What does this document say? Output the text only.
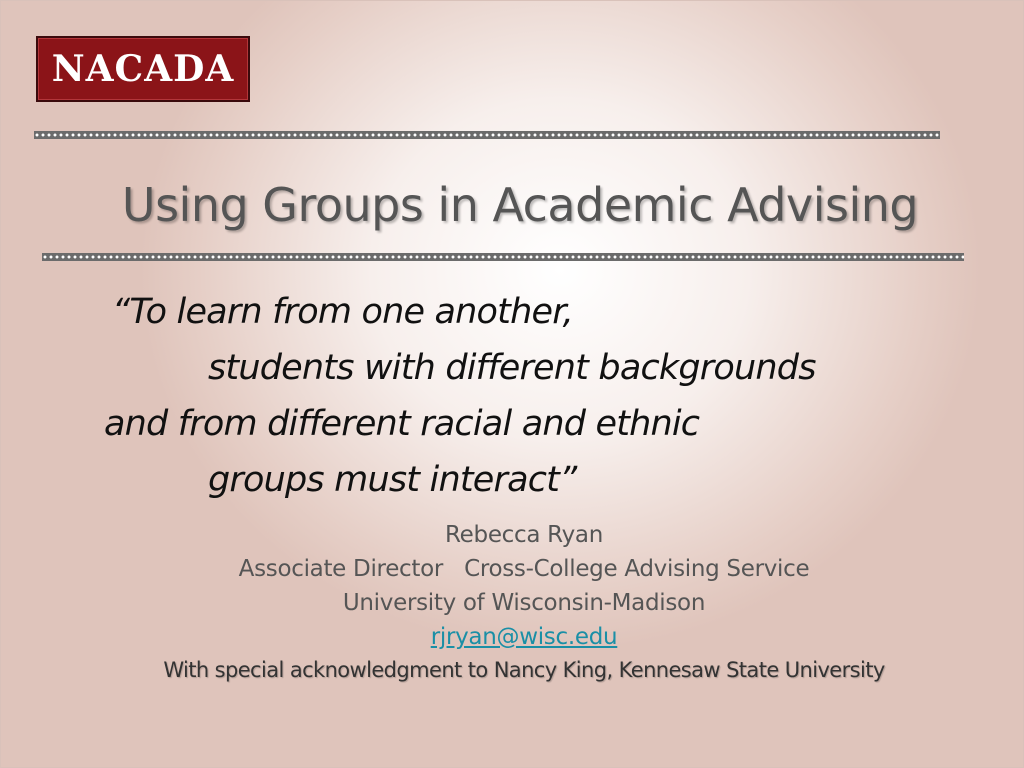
NACADA
Using Groups in Academic Advising

“To learn from one another,

students with different backgrounds

and from different racial and ethnic

groups must interact”

Rebecca Ryan

Associate Director   Cross-College Advising Service

University of Wisconsin-Madison

rjryan@wisc.edu

With special acknowledgment to Nancy King, Kennesaw State University
